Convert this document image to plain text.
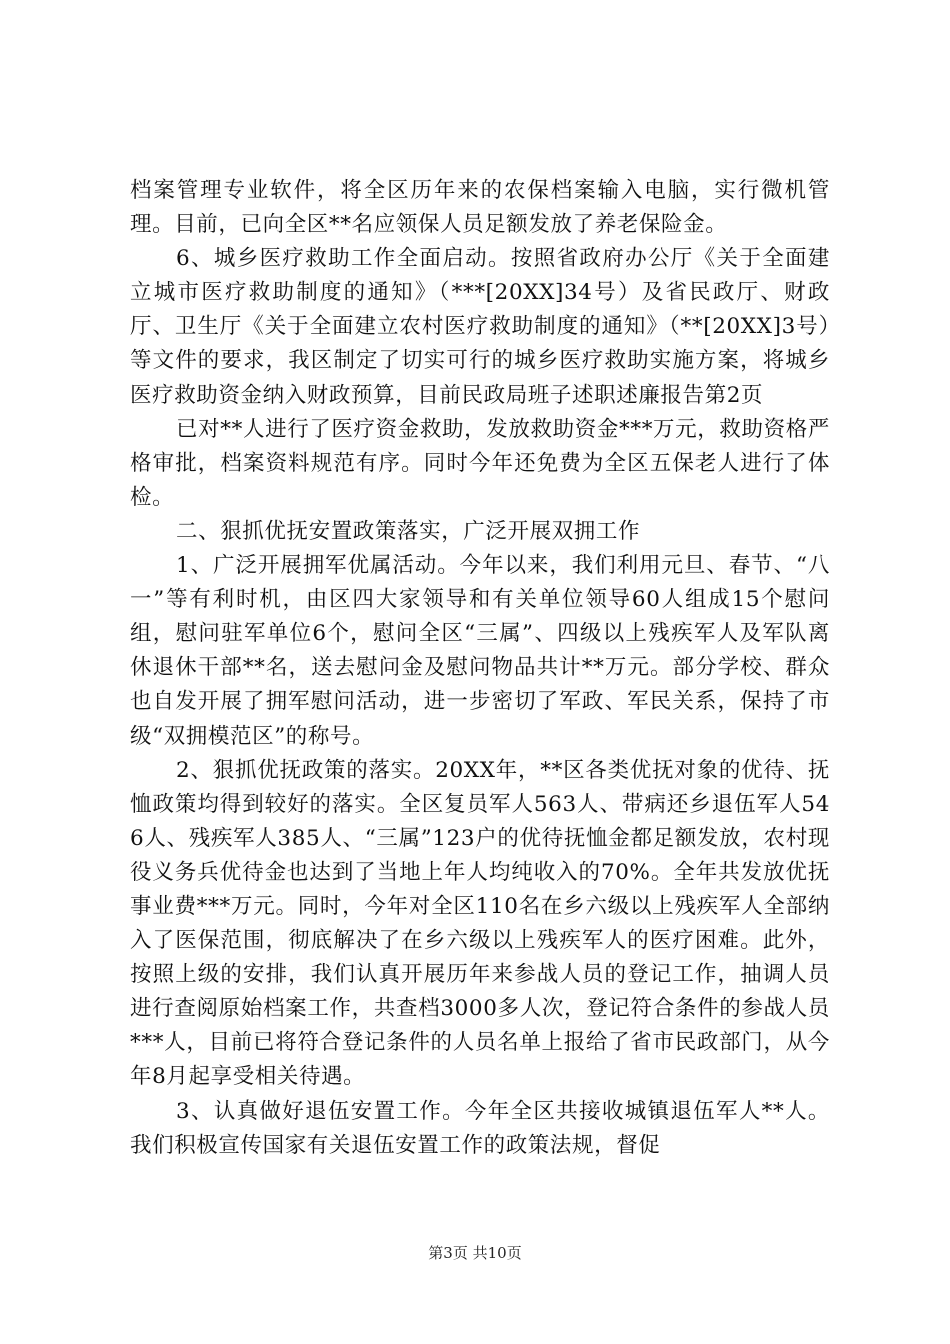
档案管理专业软件，将全区历年来的农保档案输入电脑，实行微机管理。目前，已向全区**名应领保人员足额发放了养老保险金。

6、城乡医疗救助工作全面启动。按照省政府办公厅《关于全面建立城市医疗救助制度的通知》（***[20XX]34号）及省民政厅、财政厅、卫生厅《关于全面建立农村医疗救助制度的通知》（**[20XX]3号）等文件的要求，我区制定了切实可行的城乡医疗救助实施方案，将城乡医疗救助资金纳入财政预算，目前民政局班子述职述廉报告第2页

已对**人进行了医疗资金救助，发放救助资金***万元，救助资格严格审批，档案资料规范有序。同时今年还免费为全区五保老人进行了体检。

二、狠抓优抚安置政策落实，广泛开展双拥工作

1、广泛开展拥军优属活动。今年以来，我们利用元旦、春节、“八一”等有利时机，由区四大家领导和有关单位领导60人组成15个慰问组，慰问驻军单位6个，慰问全区“三属”、四级以上残疾军人及军队离休退休干部**名，送去慰问金及慰问物品共计**万元。部分学校、群众也自发开展了拥军慰问活动，进一步密切了军政、军民关系，保持了市级“双拥模范区”的称号。

2、狠抓优抚政策的落实。20XX年，**区各类优抚对象的优待、抚恤政策均得到较好的落实。全区复员军人563人、带病还乡退伍军人546人、残疾军人385人、“三属”123户的优待抚恤金都足额发放，农村现役义务兵优待金也达到了当地上年人均纯收入的70%。全年共发放优抚事业费***万元。同时，今年对全区110名在乡六级以上残疾军人全部纳入了医保范围，彻底解决了在乡六级以上残疾军人的医疗困难。此外，按照上级的安排，我们认真开展历年来参战人员的登记工作，抽调人员进行查阅原始档案工作，共查档3000多人次，登记符合条件的参战人员***人，目前已将符合登记条件的人员名单上报给了省市民政部门，从今年8月起享受相关待遇。

3、认真做好退伍安置工作。今年全区共接收城镇退伍军人**人。我们积极宣传国家有关退伍安置工作的政策法规，督促

第3页 共10页
